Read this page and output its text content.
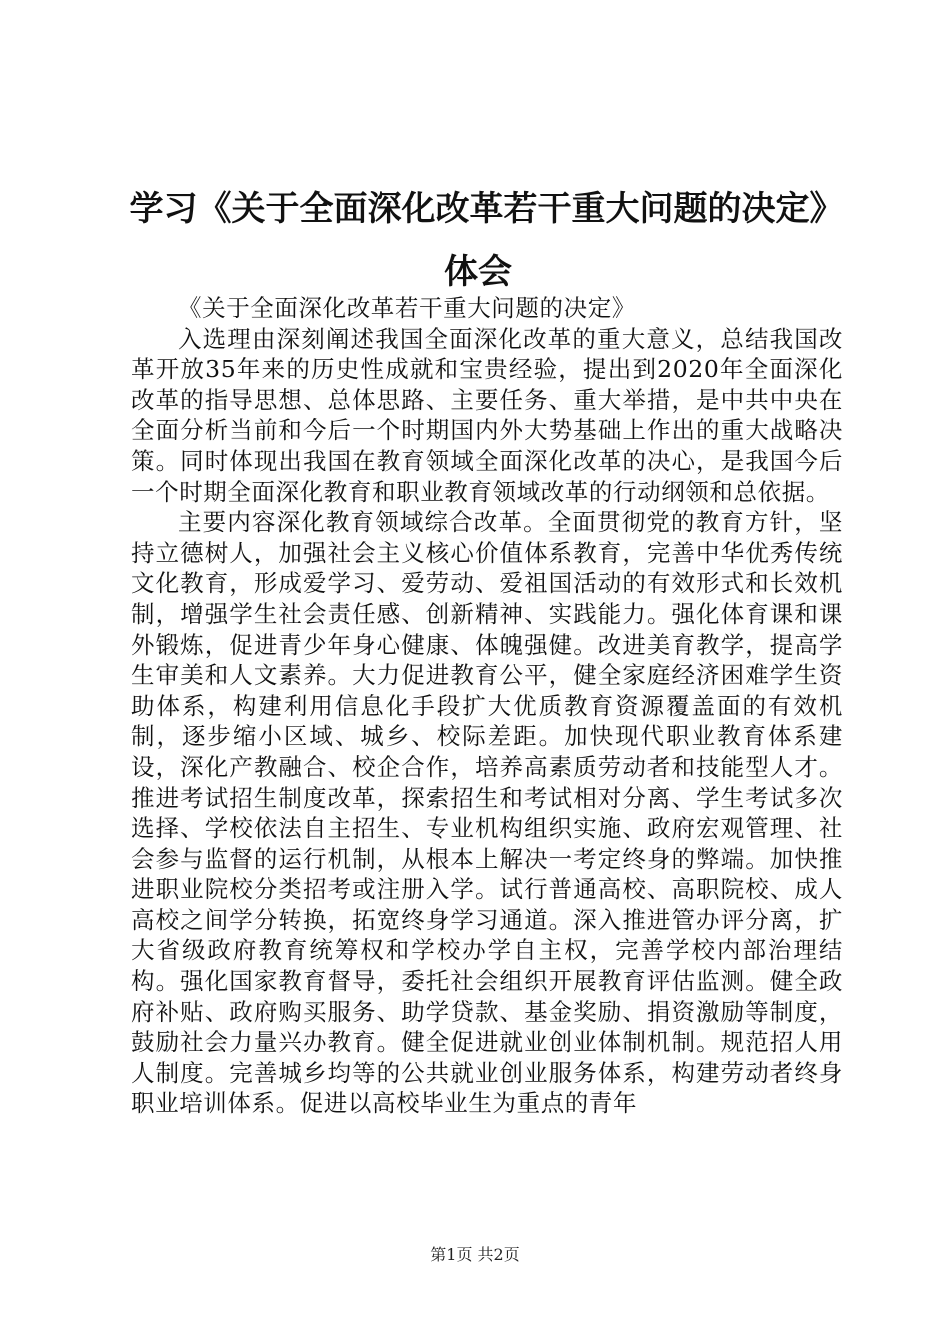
学习《关于全面深化改革若干重大问题的决定》体会

《关于全面深化改革若干重大问题的决定》

入选理由深刻阐述我国全面深化改革的重大意义，总结我国改革开放35年来的历史性成就和宝贵经验，提出到2020年全面深化改革的指导思想、总体思路、主要任务、重大举措，是中共中央在全面分析当前和今后一个时期国内外大势基础上作出的重大战略决策。同时体现出我国在教育领域全面深化改革的决心，是我国今后一个时期全面深化教育和职业教育领域改革的行动纲领和总依据。

主要内容深化教育领域综合改革。全面贯彻党的教育方针，坚持立德树人，加强社会主义核心价值体系教育，完善中华优秀传统文化教育，形成爱学习、爱劳动、爱祖国活动的有效形式和长效机制，增强学生社会责任感、创新精神、实践能力。强化体育课和课外锻炼，促进青少年身心健康、体魄强健。改进美育教学，提高学生审美和人文素养。大力促进教育公平，健全家庭经济困难学生资助体系，构建利用信息化手段扩大优质教育资源覆盖面的有效机制，逐步缩小区域、城乡、校际差距。加快现代职业教育体系建设，深化产教融合、校企合作，培养高素质劳动者和技能型人才。推进考试招生制度改革，探索招生和考试相对分离、学生考试多次选择、学校依法自主招生、专业机构组织实施、政府宏观管理、社会参与监督的运行机制，从根本上解决一考定终身的弊端。加快推进职业院校分类招考或注册入学。试行普通高校、高职院校、成人高校之间学分转换，拓宽终身学习通道。深入推进管办评分离，扩大省级政府教育统筹权和学校办学自主权，完善学校内部治理结构。强化国家教育督导，委托社会组织开展教育评估监测。健全政府补贴、政府购买服务、助学贷款、基金奖励、捐资激励等制度，鼓励社会力量兴办教育。健全促进就业创业体制机制。规范招人用人制度。完善城乡均等的公共就业创业服务体系，构建劳动者终身职业培训体系。促进以高校毕业生为重点的青年

第1页 共2页
